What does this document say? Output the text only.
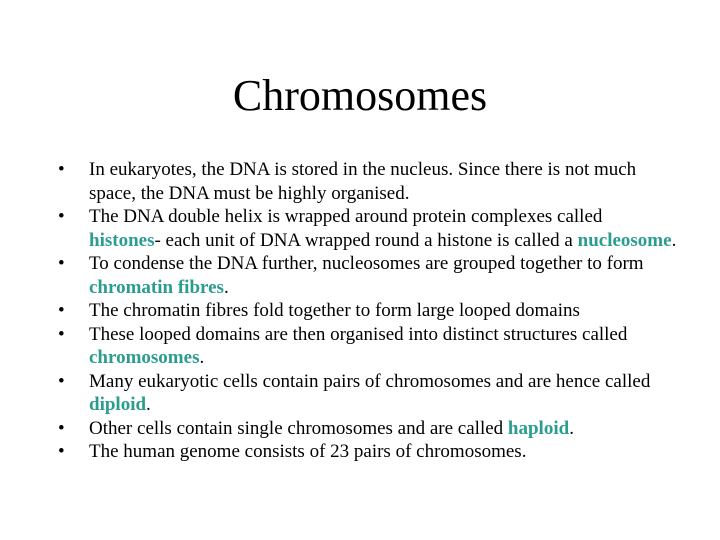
Chromosomes
• In eukaryotes, the DNA is stored in the nucleus. Since there is not much space, the DNA must be highly organised.
• The DNA double helix is wrapped around protein complexes called histones- each unit of DNA wrapped round a histone is called a nucleosome.
• To condense the DNA further, nucleosomes are grouped together to form chromatin fibres.
• The chromatin fibres fold together to form large looped domains
• These looped domains are then organised into distinct structures called chromosomes.
• Many eukaryotic cells contain pairs of chromosomes and are hence called diploid.
• Other cells contain single chromosomes and are called haploid.
• The human genome consists of 23 pairs of chromosomes.
